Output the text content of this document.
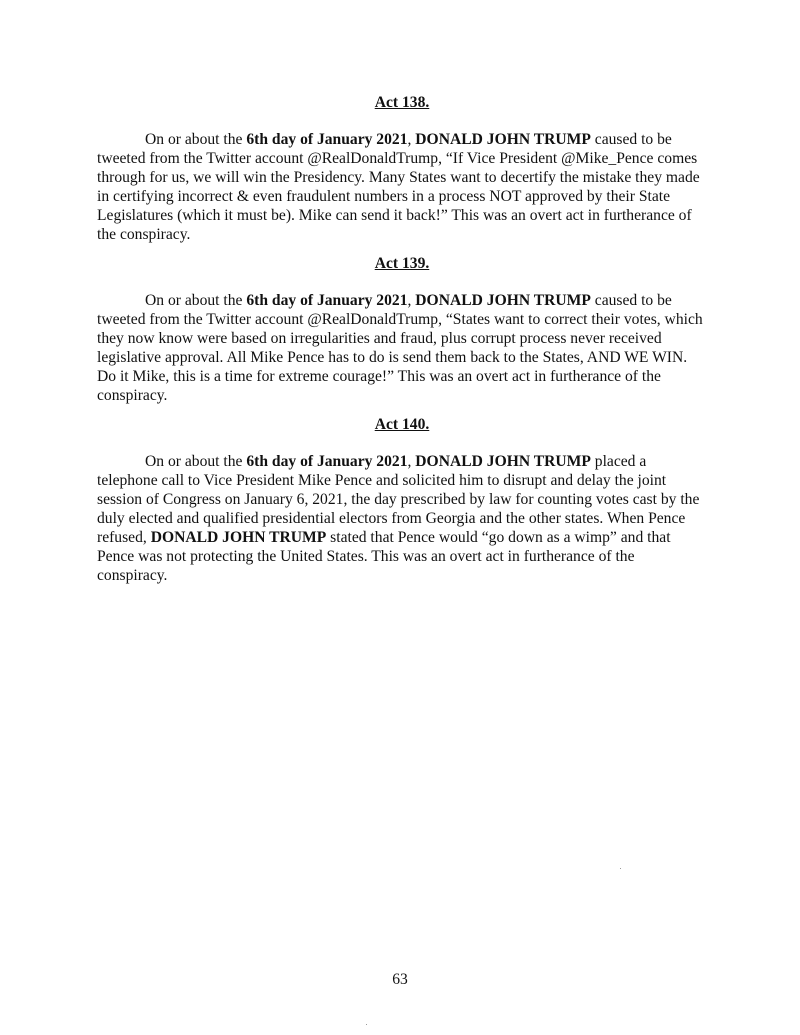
Act 138.

On or about the 6th day of January 2021, DONALD JOHN TRUMP caused to be tweeted from the Twitter account @RealDonaldTrump, “If Vice President @Mike_Pence comes through for us, we will win the Presidency. Many States want to decertify the mistake they made in certifying incorrect & even fraudulent numbers in a process NOT approved by their State Legislatures (which it must be). Mike can send it back!” This was an overt act in furtherance of the conspiracy.

Act 139.

On or about the 6th day of January 2021, DONALD JOHN TRUMP caused to be tweeted from the Twitter account @RealDonaldTrump, “States want to correct their votes, which they now know were based on irregularities and fraud, plus corrupt process never received legislative approval. All Mike Pence has to do is send them back to the States, AND WE WIN. Do it Mike, this is a time for extreme courage!” This was an overt act in furtherance of the conspiracy.

Act 140.

On or about the 6th day of January 2021, DONALD JOHN TRUMP placed a telephone call to Vice President Mike Pence and solicited him to disrupt and delay the joint session of Congress on January 6, 2021, the day prescribed by law for counting votes cast by the duly elected and qualified presidential electors from Georgia and the other states. When Pence refused, DONALD JOHN TRUMP stated that Pence would “go down as a wimp” and that Pence was not protecting the United States. This was an overt act in furtherance of the conspiracy.

63
